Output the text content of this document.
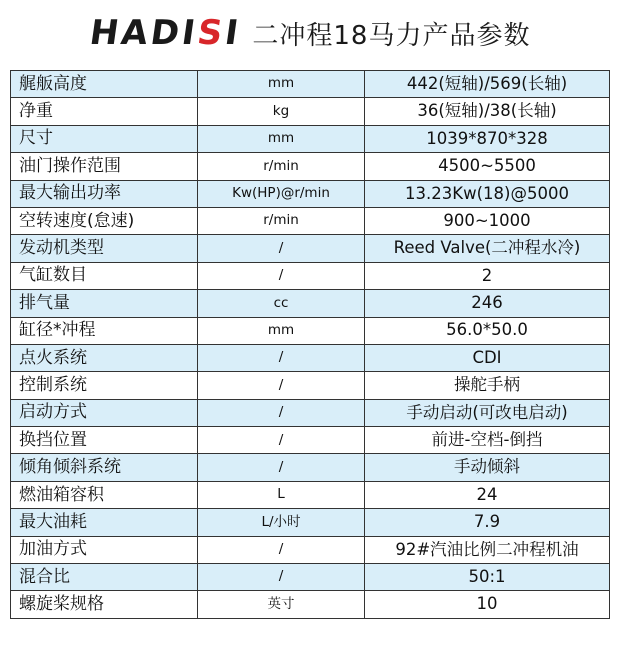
HADISI 二冲程18马力产品参数
艉舨高度	mm	442(短轴)/569(长轴)
净重	kg	36(短轴)/38(长轴)
尺寸	mm	1039*870*328
油门操作范围	r/min	4500~5500
最大输出功率	Kw(HP)@r/min	13.23Kw(18)@5000
空转速度(怠速)	r/min	900~1000
发动机类型	/	Reed Valve(二冲程水冷)
气缸数目	/	2
排气量	cc	246
缸径*冲程	mm	56.0*50.0
点火系统	/	CDI
控制系统	/	操舵手柄
启动方式	/	手动启动(可改电启动)
换挡位置	/	前进-空档-倒挡
倾角倾斜系统	/	手动倾斜
燃油箱容积	L	24
最大油耗	L/小时	7.9
加油方式	/	92#汽油比例二冲程机油
混合比	/	50:1
螺旋桨规格	英寸	10
